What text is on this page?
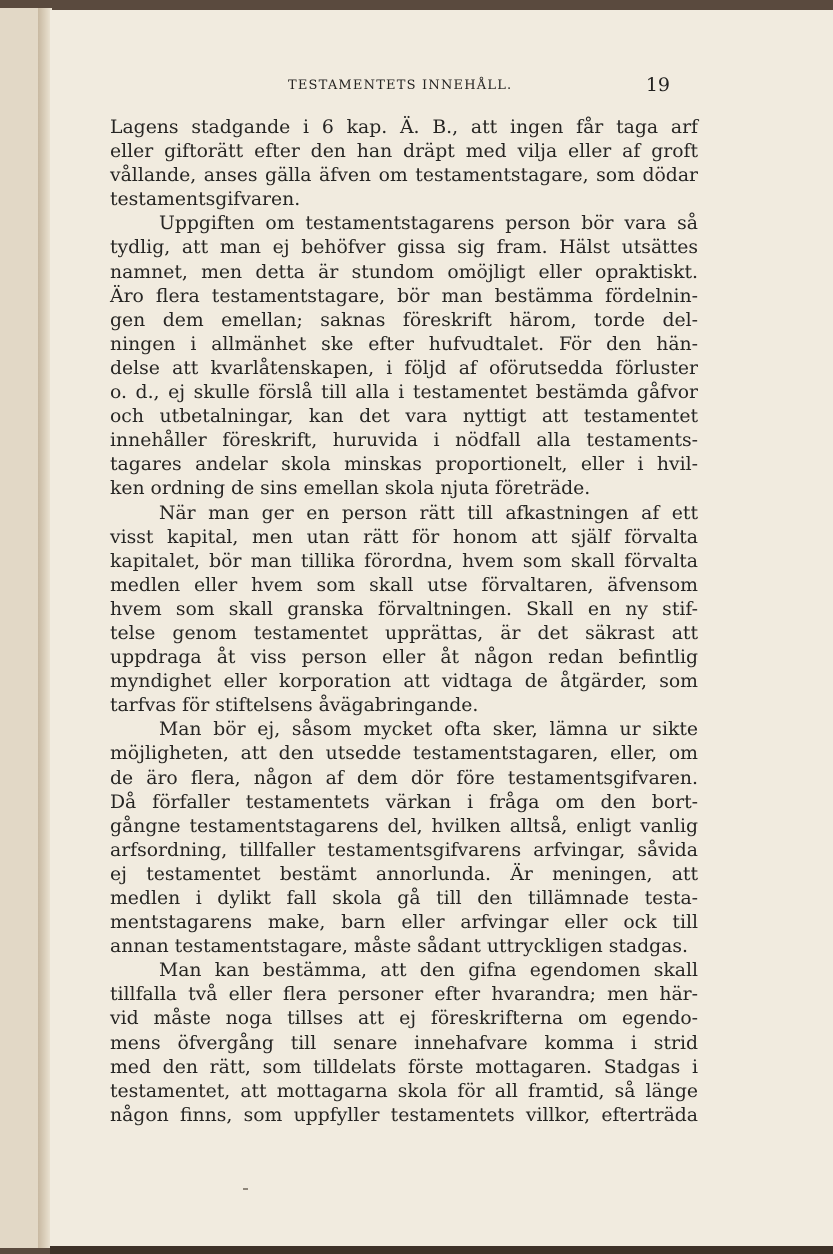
TESTAMENTETS INNEHÅLL.	19
Lagens stadgande i 6 kap. Ä. B., att ingen får taga arf
eller giftorätt efter den han dräpt med vilja eller af groft
vållande, anses gälla äfven om testamentstagare, som dödar
testamentsgifvaren.
Uppgiften om testamentstagarens person bör vara så
tydlig, att man ej behöfver gissa sig fram. Hälst utsättes
namnet, men detta är stundom omöjligt eller opraktiskt.
Äro flera testamentstagare, bör man bestämma fördelnin-
gen dem emellan; saknas föreskrift härom, torde del-
ningen i allmänhet ske efter hufvudtalet. För den hän-
delse att kvarlåtenskapen, i följd af oförutsedda förluster
o. d., ej skulle förslå till alla i testamentet bestämda gåfvor
och utbetalningar, kan det vara nyttigt att testamentet
innehåller föreskrift, huruvida i nödfall alla testaments-
tagares andelar skola minskas proportionelt, eller i hvil-
ken ordning de sins emellan skola njuta företräde.
När man ger en person rätt till afkastningen af ett
visst kapital, men utan rätt för honom att själf förvalta
kapitalet, bör man tillika förordna, hvem som skall förvalta
medlen eller hvem som skall utse förvaltaren, äfvensom
hvem som skall granska förvaltningen. Skall en ny stif-
telse genom testamentet upprättas, är det säkrast att
uppdraga åt viss person eller åt någon redan befintlig
myndighet eller korporation att vidtaga de åtgärder, som
tarfvas för stiftelsens åvägabringande.
Man bör ej, såsom mycket ofta sker, lämna ur sikte
möjligheten, att den utsedde testamentstagaren, eller, om
de äro flera, någon af dem dör före testamentsgifvaren.
Då förfaller testamentets värkan i fråga om den bort-
gångne testamentstagarens del, hvilken alltså, enligt vanlig
arfsordning, tillfaller testamentsgifvarens arfvingar, såvida
ej testamentet bestämt annorlunda. Är meningen, att
medlen i dylikt fall skola gå till den tillämnade testa-
mentstagarens make, barn eller arfvingar eller ock till
annan testamentstagare, måste sådant uttryckligen stadgas.
Man kan bestämma, att den gifna egendomen skall
tillfalla två eller flera personer efter hvarandra; men här-
vid måste noga tillses att ej föreskrifterna om egendo-
mens öfvergång till senare innehafvare komma i strid
med den rätt, som tilldelats förste mottagaren. Stadgas i
testamentet, att mottagarna skola för all framtid, så länge
någon finns, som uppfyller testamentets villkor, efterträda
